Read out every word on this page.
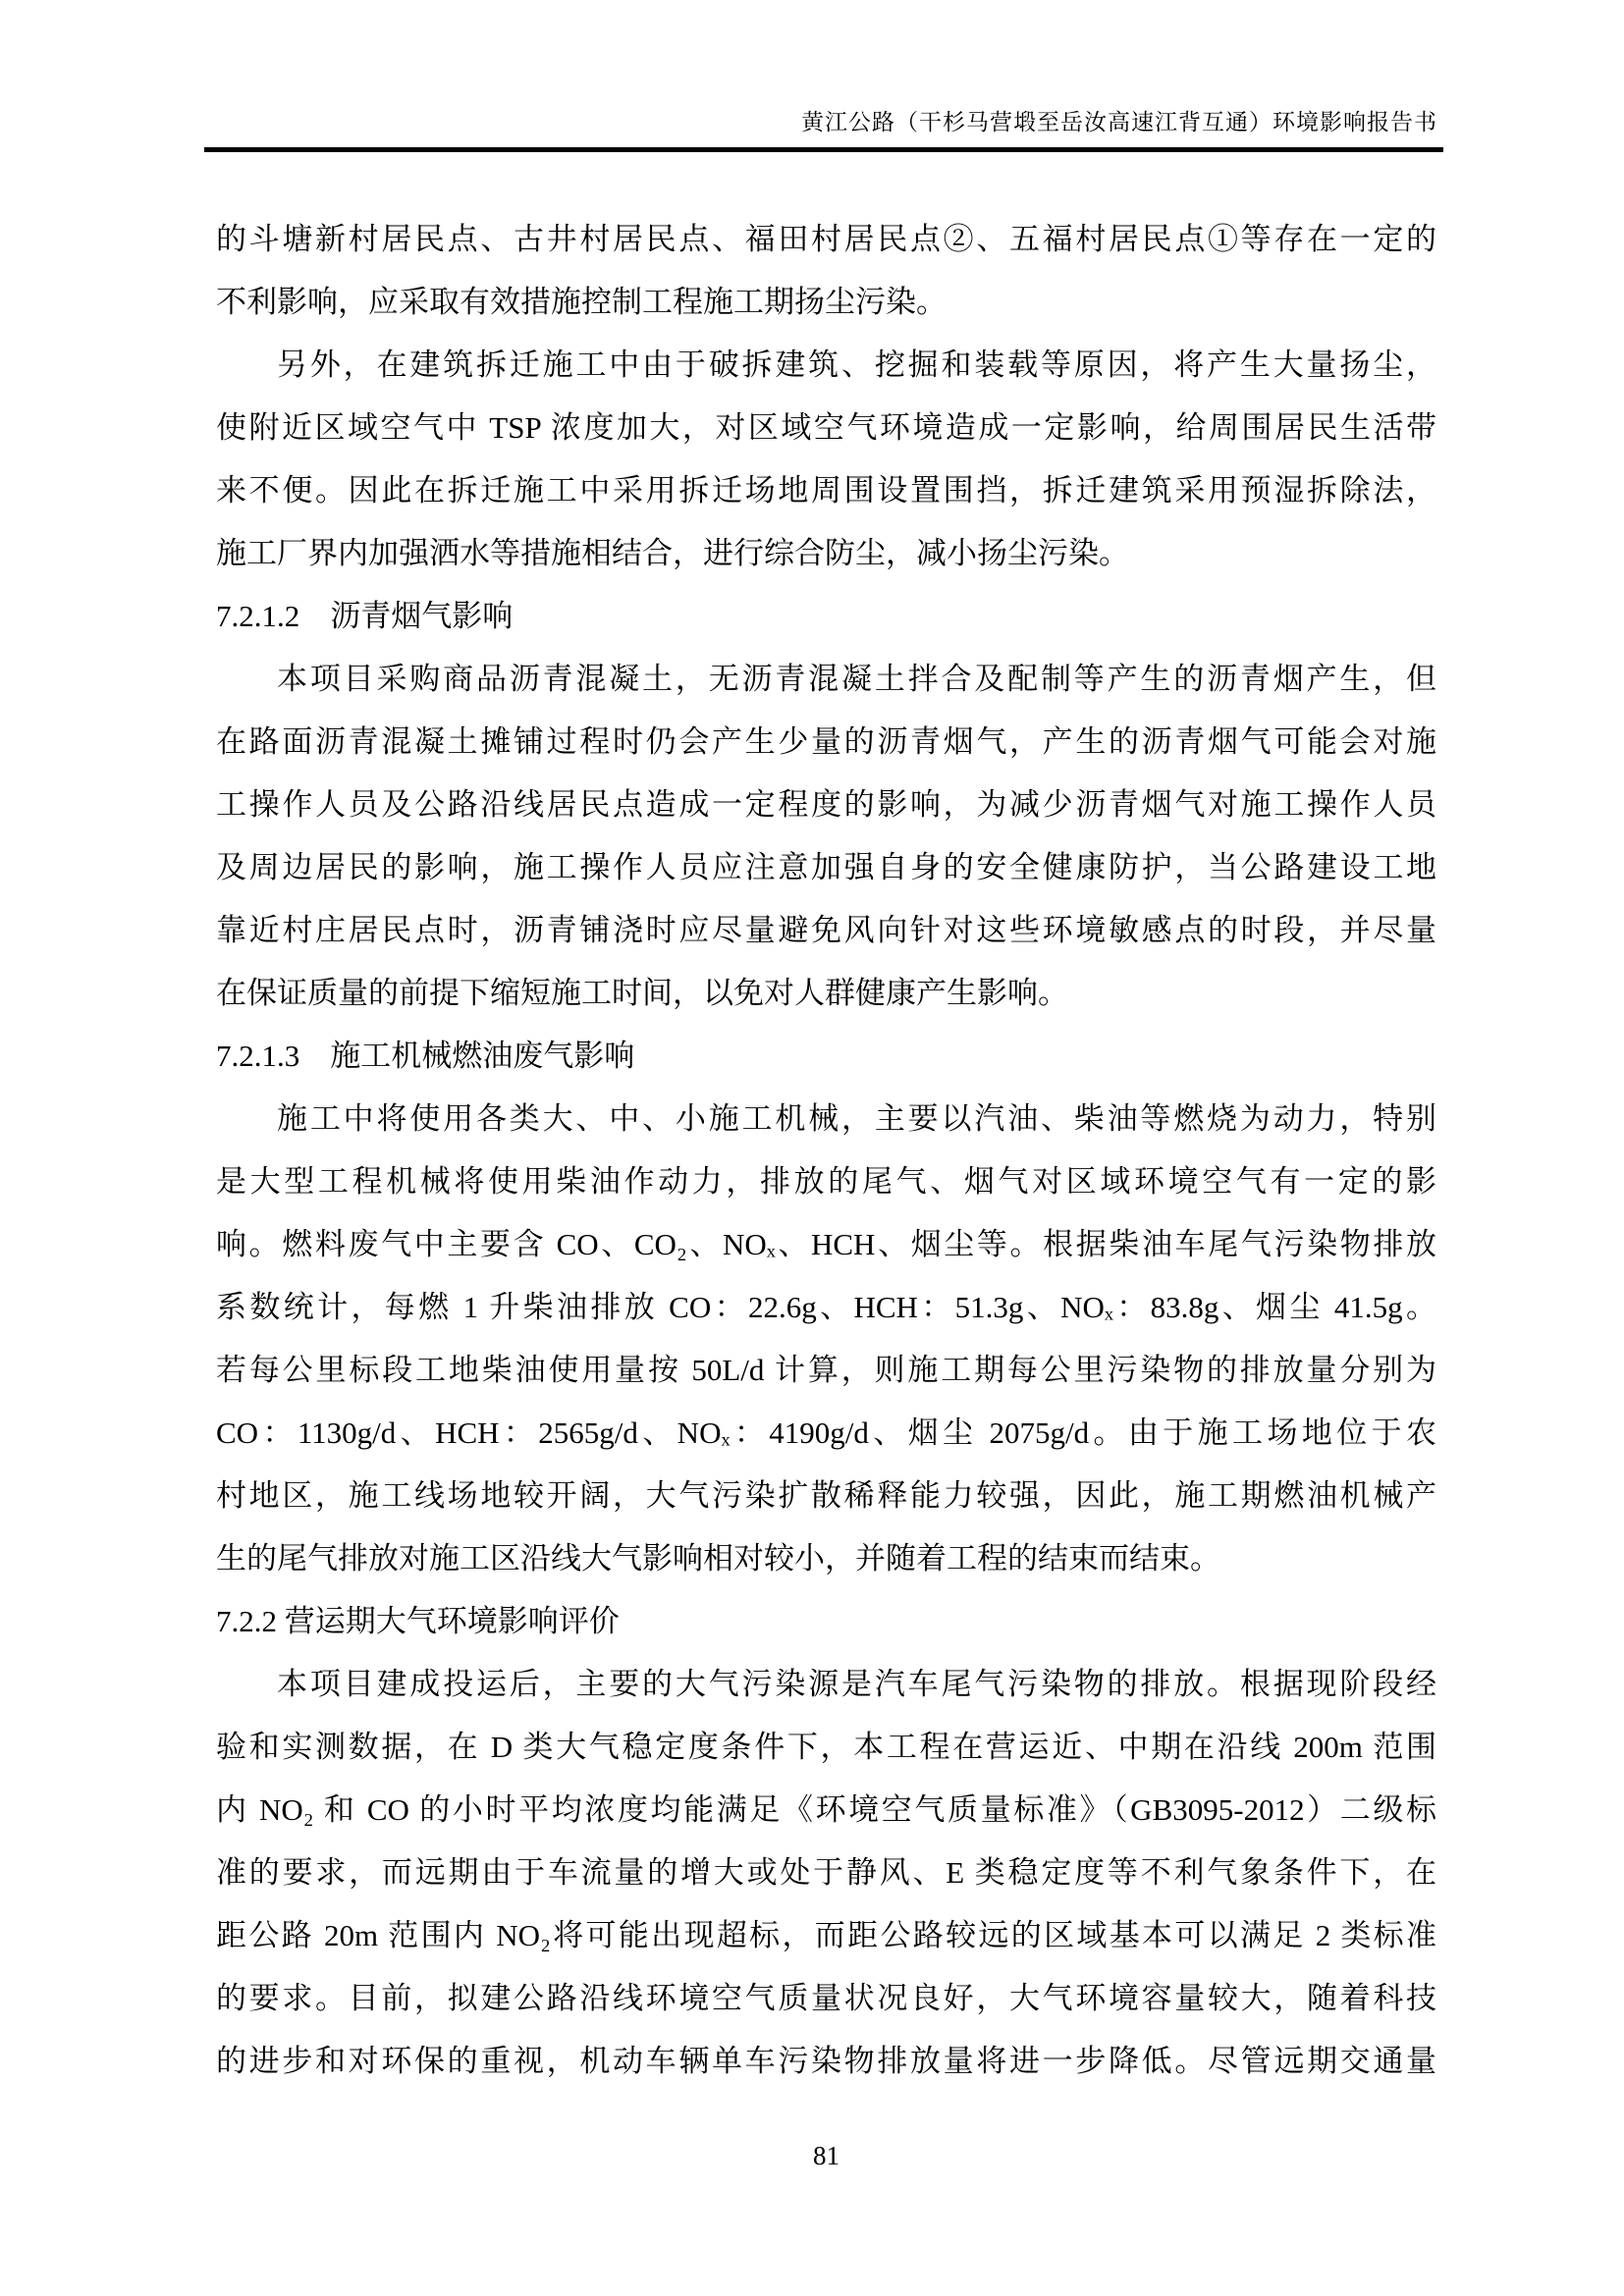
黄江公路（干杉马营塅至岳汝高速江背互通）环境影响报告书
的斗塘新村居民点、古井村居民点、福田村居民点②、五福村居民点①等存在一定的
不利影响，应采取有效措施控制工程施工期扬尘污染。
另外，在建筑拆迁施工中由于破拆建筑、挖掘和装载等原因，将产生大量扬尘，
使附近区域空气中 TSP 浓度加大，对区域空气环境造成一定影响，给周围居民生活带
来不便。因此在拆迁施工中采用拆迁场地周围设置围挡，拆迁建筑采用预湿拆除法，
施工厂界内加强洒水等措施相结合，进行综合防尘，减小扬尘污染。
7.2.1.2　沥青烟气影响
本项目采购商品沥青混凝土，无沥青混凝土拌合及配制等产生的沥青烟产生，但
在路面沥青混凝土摊铺过程时仍会产生少量的沥青烟气，产生的沥青烟气可能会对施
工操作人员及公路沿线居民点造成一定程度的影响，为减少沥青烟气对施工操作人员
及周边居民的影响，施工操作人员应注意加强自身的安全健康防护，当公路建设工地
靠近村庄居民点时，沥青铺浇时应尽量避免风向针对这些环境敏感点的时段，并尽量
在保证质量的前提下缩短施工时间，以免对人群健康产生影响。
7.2.1.3　施工机械燃油废气影响
施工中将使用各类大、中、小施工机械，主要以汽油、柴油等燃烧为动力，特别
是大型工程机械将使用柴油作动力，排放的尾气、烟气对区域环境空气有一定的影
响。燃料废气中主要含 CO、CO₂、NOₓ、HCH、烟尘等。根据柴油车尾气污染物排放
系数统计，每燃 1 升柴油排放 CO：22.6g、HCH：51.3g、NOₓ：83.8g、烟尘 41.5g。
若每公里标段工地柴油使用量按 50L/d 计算，则施工期每公里污染物的排放量分别为
CO：1130g/d、HCH：2565g/d、NOₓ：4190g/d、烟尘 2075g/d。由于施工场地位于农
村地区，施工线场地较开阔，大气污染扩散稀释能力较强，因此，施工期燃油机械产
生的尾气排放对施工区沿线大气影响相对较小，并随着工程的结束而结束。
7.2.2 营运期大气环境影响评价
本项目建成投运后，主要的大气污染源是汽车尾气污染物的排放。根据现阶段经
验和实测数据，在 D 类大气稳定度条件下，本工程在营运近、中期在沿线 200m 范围
内 NO₂ 和 CO 的小时平均浓度均能满足《环境空气质量标准》（GB3095-2012）二级标
准的要求，而远期由于车流量的增大或处于静风、E 类稳定度等不利气象条件下，在
距公路 20m 范围内 NO₂将可能出现超标，而距公路较远的区域基本可以满足 2 类标准
的要求。目前，拟建公路沿线环境空气质量状况良好，大气环境容量较大，随着科技
的进步和对环保的重视，机动车辆单车污染物排放量将进一步降低。尽管远期交通量
81
